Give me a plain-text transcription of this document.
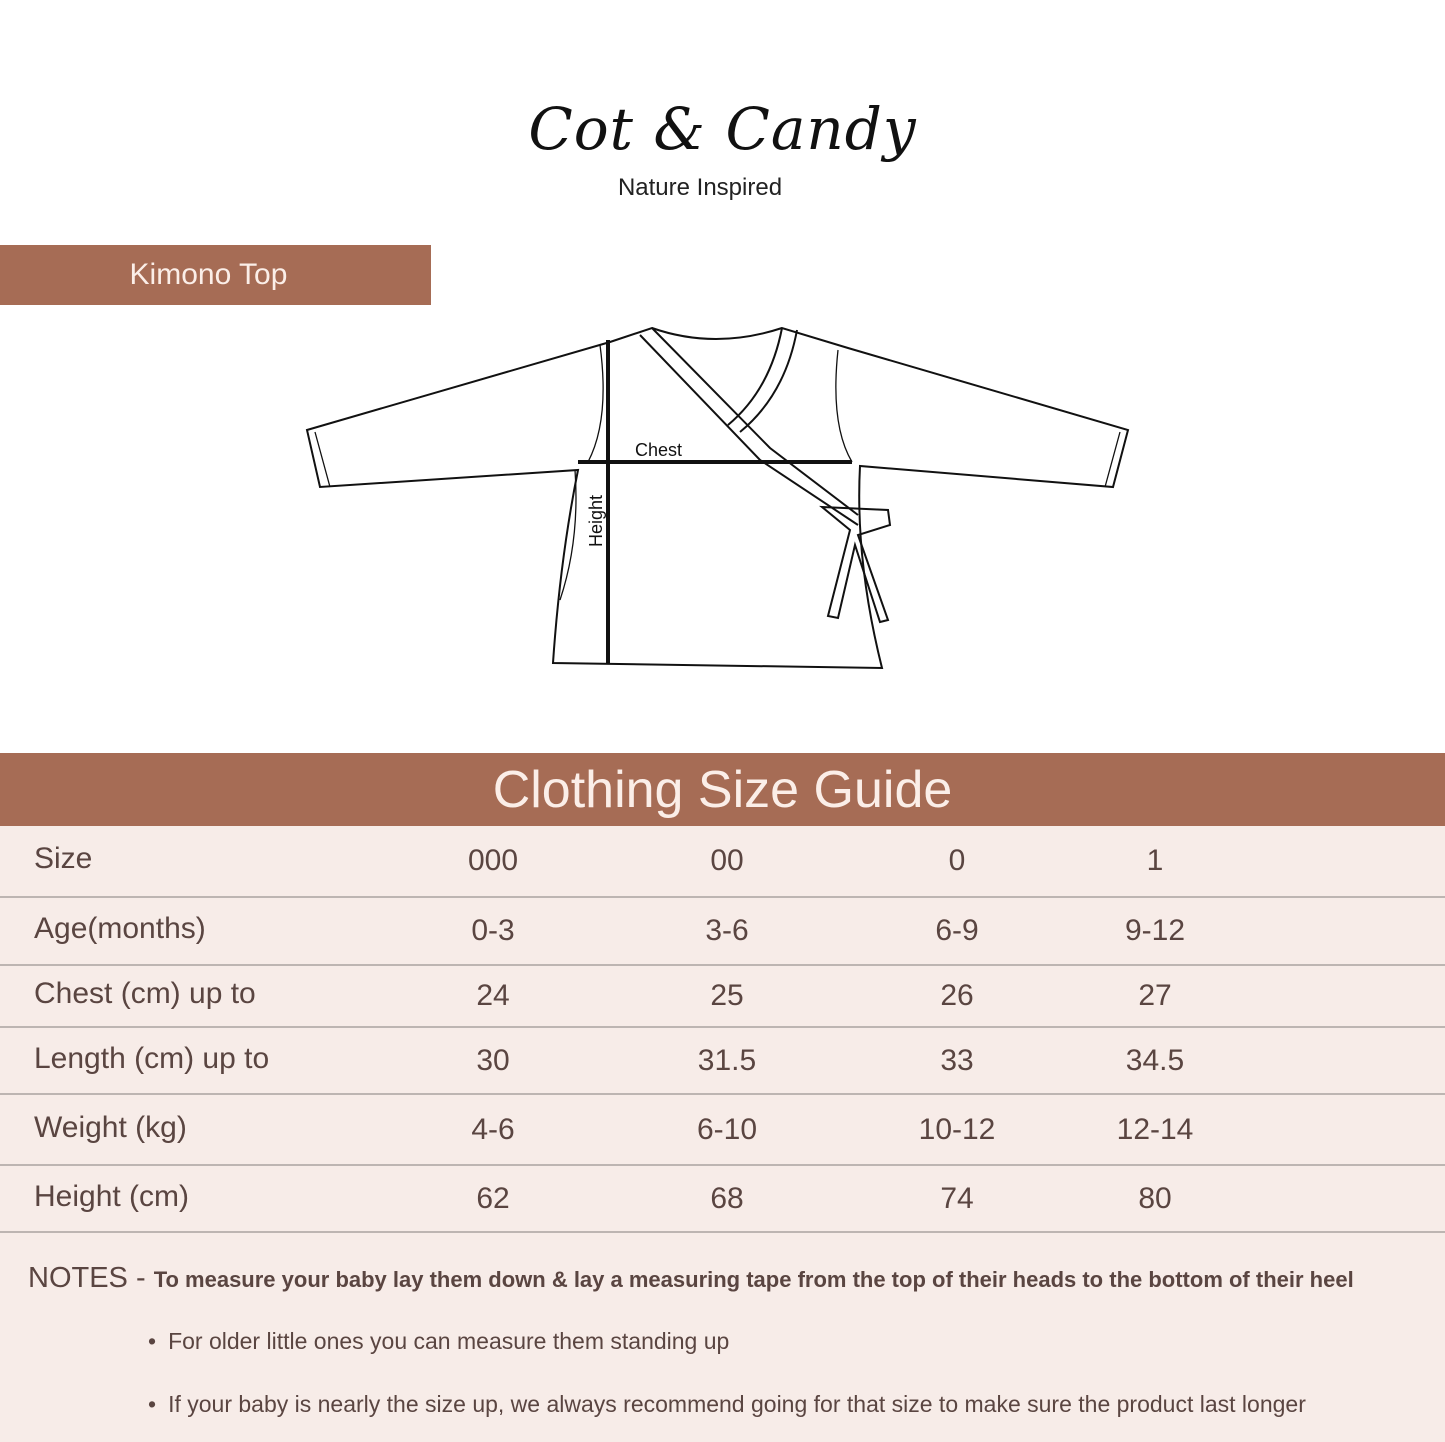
Cot & Candy
Nature Inspired
Kimono Top
Chest
Height
Clothing Size Guide
Size	000	00	0	1
Age(months)	0-3	3-6	6-9	9-12
Chest (cm) up to	24	25	26	27
Length (cm) up to	30	31.5	33	34.5
Weight (kg)	4-6	6-10	10-12	12-14
Height (cm)	62	68	74	80
NOTES - To measure your baby lay them down & lay a measuring tape from the top of their heads to the bottom of their heel
• For older little ones you can measure them standing up
• If your baby is nearly the size up, we always recommend going for that size to make sure the product last longer
